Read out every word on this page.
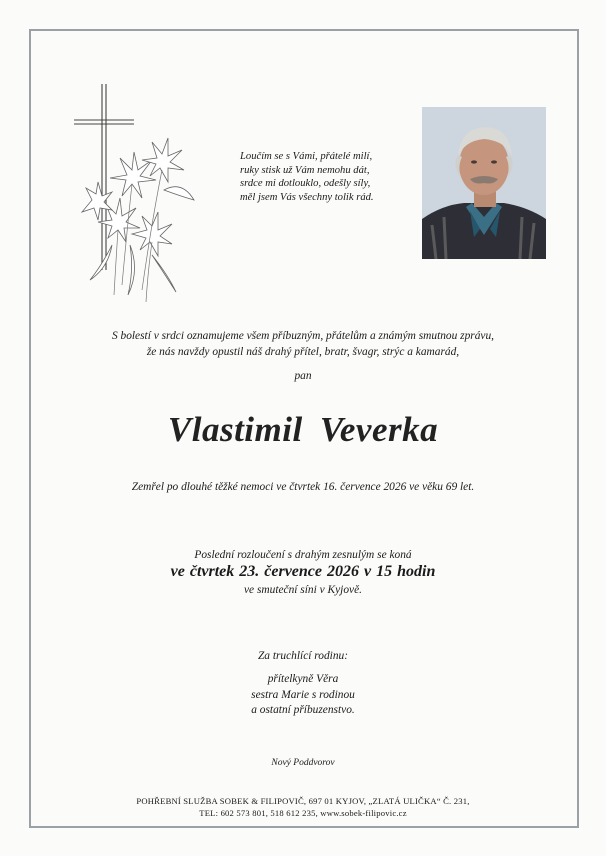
Loučím se s Vámi, přátelé milí,
ruky stisk už Vám nemohu dát,
srdce mi dotlouklo, odešly síly,
měl jsem Vás všechny tolik rád.
S bolestí v srdci oznamujeme všem příbuzným, přátelům a známým smutnou zprávu,
že nás navždy opustil náš drahý přítel, bratr, švagr, strýc a kamarád,
pan
Vlastimil Veverka
Zemřel po dlouhé těžké nemoci ve čtvrtek 16. července 2026 ve věku 69 let.
Poslední rozloučení s drahým zesnulým se koná
ve čtvrtek 23. července 2026 v 15 hodin
ve smuteční síni v Kyjově.
Za truchlící rodinu:
přítelkyně Věra
sestra Marie s rodinou
a ostatní příbuzenstvo.
Nový Poddvorov
POHŘEBNÍ SLUŽBA SOBEK & FILIPOVIČ, 697 01 KYJOV, „ZLATÁ ULIČKA“ Č. 231,
TEL: 602 573 801, 518 612 235, www.sobek-filipovic.cz
